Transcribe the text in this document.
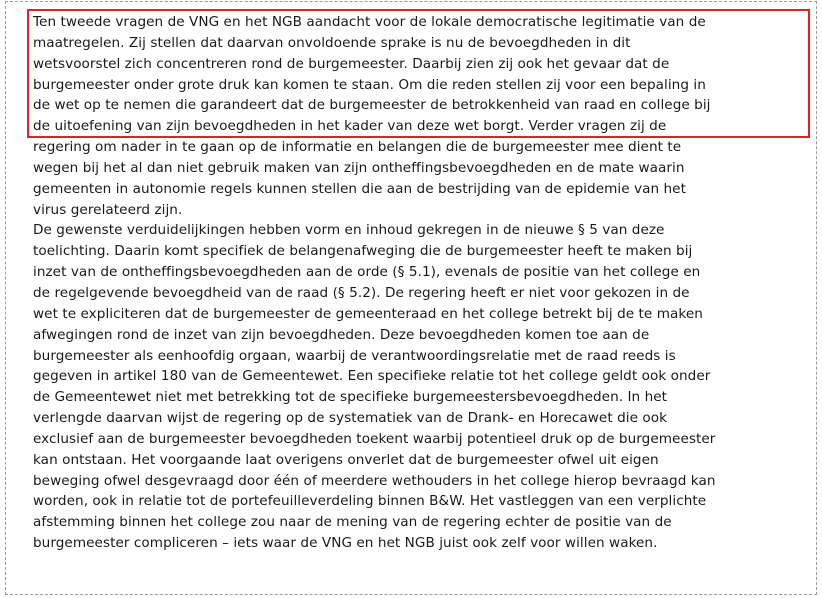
Ten tweede vragen de VNG en het NGB aandacht voor de lokale democratische legitimatie van de
maatregelen. Zij stellen dat daarvan onvoldoende sprake is nu de bevoegdheden in dit
wetsvoorstel zich concentreren rond de burgemeester. Daarbij zien zij ook het gevaar dat de
burgemeester onder grote druk kan komen te staan. Om die reden stellen zij voor een bepaling in
de wet op te nemen die garandeert dat de burgemeester de betrokkenheid van raad en college bij
de uitoefening van zijn bevoegdheden in het kader van deze wet borgt. Verder vragen zij de
regering om nader in te gaan op de informatie en belangen die de burgemeester mee dient te
wegen bij het al dan niet gebruik maken van zijn ontheffingsbevoegdheden en de mate waarin
gemeenten in autonomie regels kunnen stellen die aan de bestrijding van de epidemie van het
virus gerelateerd zijn.
De gewenste verduidelijkingen hebben vorm en inhoud gekregen in de nieuwe § 5 van deze
toelichting. Daarin komt specifiek de belangenafweging die de burgemeester heeft te maken bij
inzet van de ontheffingsbevoegdheden aan de orde (§ 5.1), evenals de positie van het college en
de regelgevende bevoegdheid van de raad (§ 5.2). De regering heeft er niet voor gekozen in de
wet te expliciteren dat de burgemeester de gemeenteraad en het college betrekt bij de te maken
afwegingen rond de inzet van zijn bevoegdheden. Deze bevoegdheden komen toe aan de
burgemeester als eenhoofdig orgaan, waarbij de verantwoordingsrelatie met de raad reeds is
gegeven in artikel 180 van de Gemeentewet. Een specifieke relatie tot het college geldt ook onder
de Gemeentewet niet met betrekking tot de specifieke burgemeestersbevoegdheden. In het
verlengde daarvan wijst de regering op de systematiek van de Drank- en Horecawet die ook
exclusief aan de burgemeester bevoegdheden toekent waarbij potentieel druk op de burgemeester
kan ontstaan. Het voorgaande laat overigens onverlet dat de burgemeester ofwel uit eigen
beweging ofwel desgevraagd door één of meerdere wethouders in het college hierop bevraagd kan
worden, ook in relatie tot de portefeuilleverdeling binnen B&W. Het vastleggen van een verplichte
afstemming binnen het college zou naar de mening van de regering echter de positie van de
burgemeester compliceren – iets waar de VNG en het NGB juist ook zelf voor willen waken.
